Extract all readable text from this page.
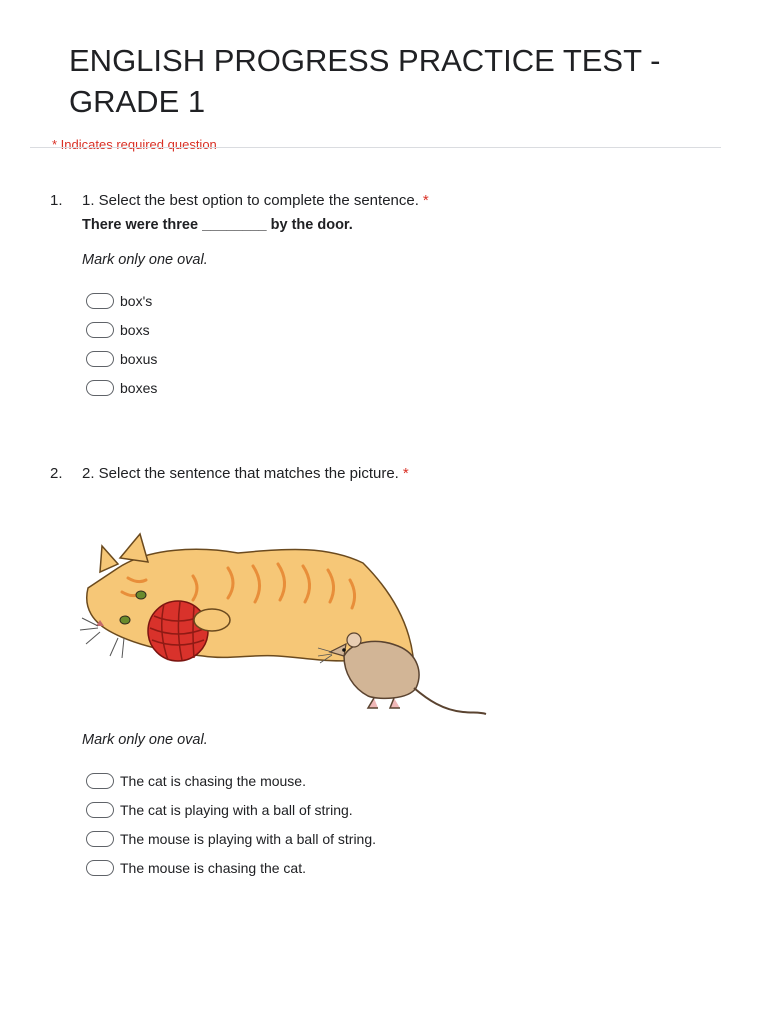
ENGLISH PROGRESS PRACTICE TEST - GRADE 1
* Indicates required question
1. 1. Select the best option to complete the sentence. *
There were three ________ by the door.
Mark only one oval.
box's
boxs
boxus
boxes
2. 2. Select the sentence that matches the picture. *
Mark only one oval.
The cat is chasing the mouse.
The cat is playing with a ball of string.
The mouse is playing with a ball of string.
The mouse is chasing the cat.
